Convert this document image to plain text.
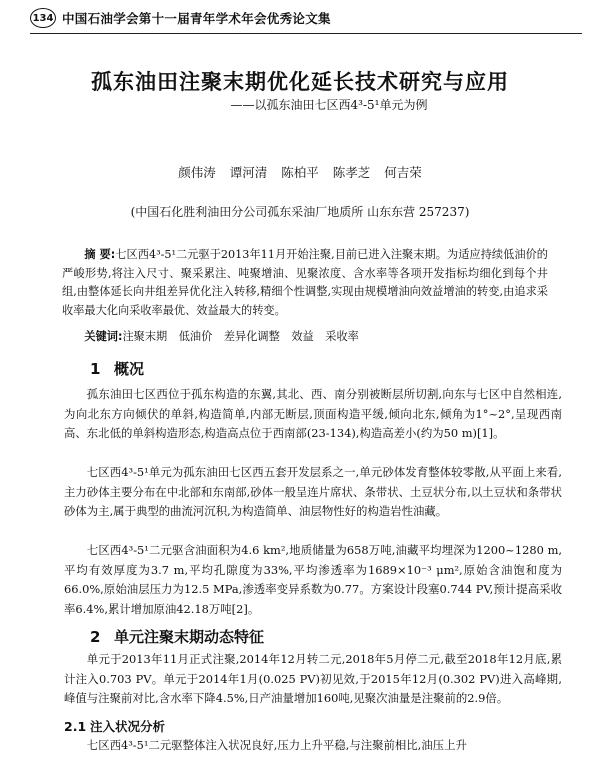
134 中国石油学会第十一届青年学术年会优秀论文集
孤东油田注聚末期优化延长技术研究与应用
——以孤东油田七区西4³-5¹单元为例
颜伟涛 谭河清 陈柏平 陈孝芝 何吉荣
(中国石化胜利油田分公司孤东采油厂地质所 山东东营 257237)
摘 要:七区西4³-5¹二元驱于2013年11月开始注聚,目前已进入注聚末期。为适应持续低油价的严峻形势,将注入尺寸、聚采累注、吨聚增油、见聚浓度、含水率等各项开发指标均细化到每个井组,由整体延长向井组差异优化注入转移,精细个性调整,实现由规模增油向效益增油的转变,由追求采收率最大化向采收率最优、效益最大的转变。
关键词:注聚末期 低油价 差异化调整 效益 采收率
1 概况
孤东油田七区西位于孤东构造的东翼,其北、西、南分别被断层所切割,向东与七区中自然相连,为向北东方向倾伏的单斜,构造简单,内部无断层,顶面构造平缓,倾向北东,倾角为1°~2°,呈现西南高、东北低的单斜构造形态,构造高点位于西南部(23-134),构造高差小(约为50 m)[1]。
七区西4³-5¹单元为孤东油田七区西五套开发层系之一,单元砂体发育整体较零散,从平面上来看,主力砂体主要分布在中北部和东南部,砂体一般呈连片席状、条带状、土豆状分布,以土豆状和条带状砂体为主,属于典型的曲流河沉积,为构造简单、油层物性好的构造岩性油藏。
七区西4³-5¹二元驱含油面积为4.6 km²,地质储量为658万吨,油藏平均埋深为1200~1280 m,平均有效厚度为3.7 m,平均孔隙度为33%,平均渗透率为1689×10⁻³ μm²,原始含油饱和度为66.0%,原始油层压力为12.5 MPa,渗透率变异系数为0.77。方案设计段塞0.744 PV,预计提高采收率6.4%,累计增加原油42.18万吨[2]。
2 单元注聚末期动态特征
单元于2013年11月正式注聚,2014年12月转二元,2018年5月停二元,截至2018年12月底,累计注入0.703 PV。单元于2014年1月(0.025 PV)初见效,于2015年12月(0.302 PV)进入高峰期,峰值与注聚前对比,含水率下降4.5%,日产油量增加160吨,见聚次油量是注聚前的2.9倍。
2.1 注入状况分析
七区西4³-5¹二元驱整体注入状况良好,压力上升平稳,与注聚前相比,油压上升
